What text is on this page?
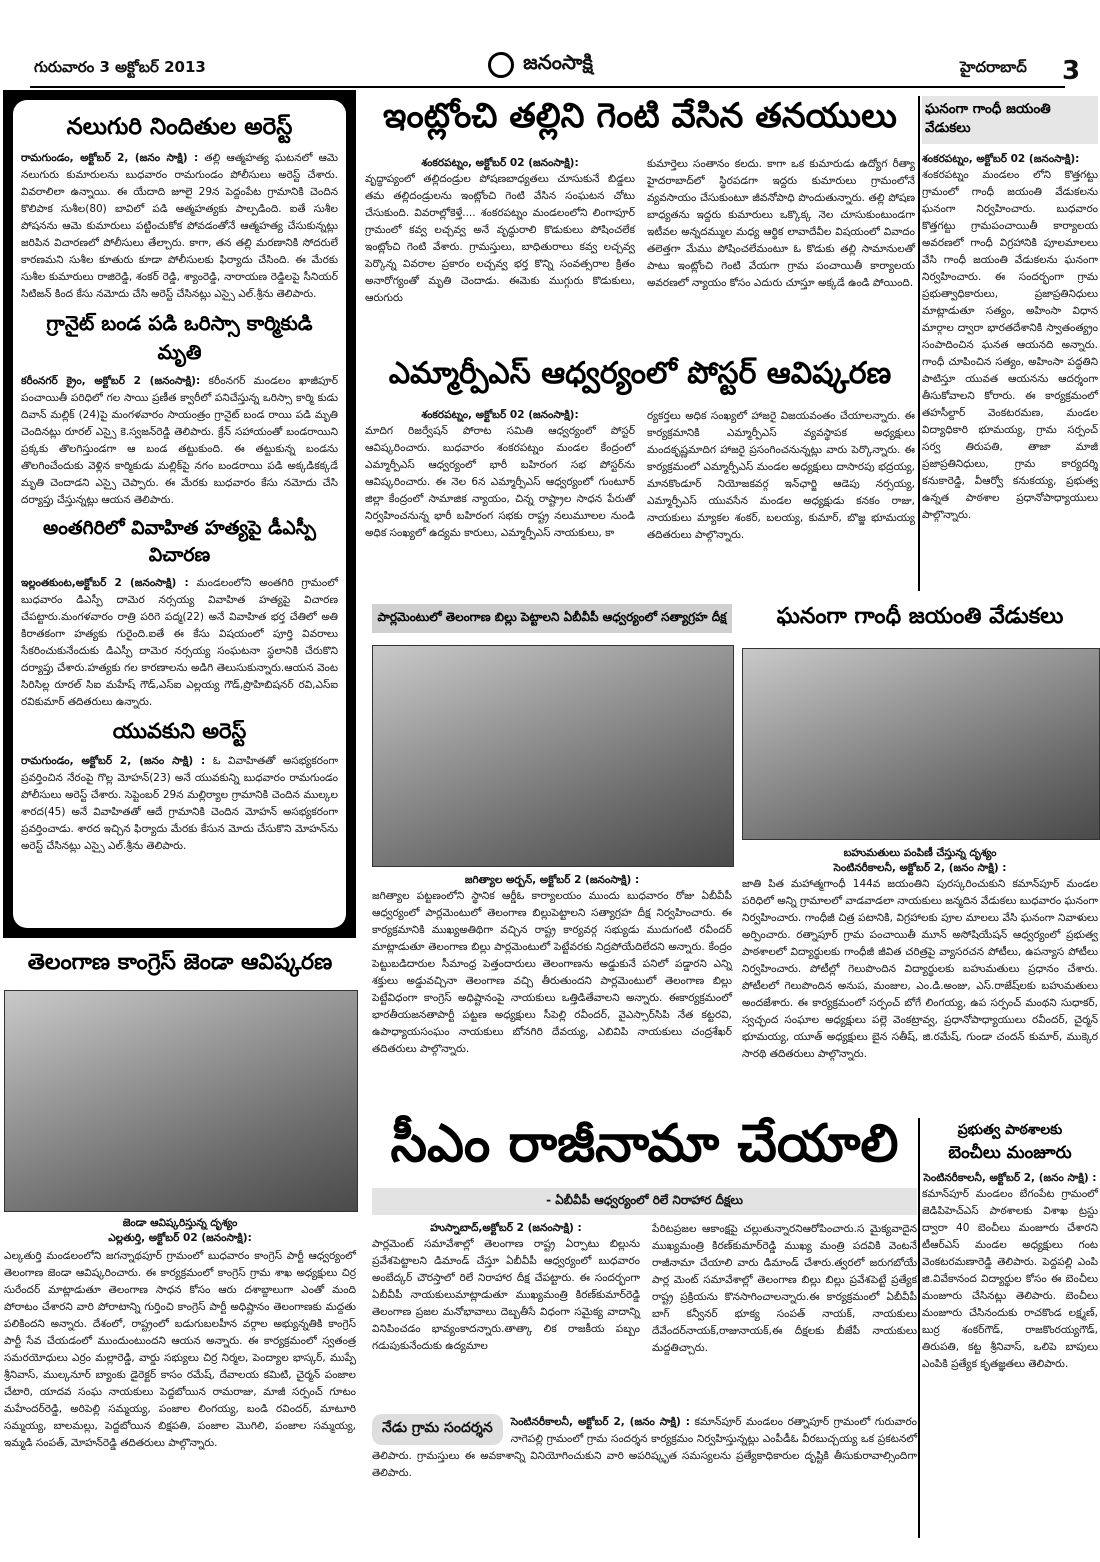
గురువారం 3 అక్టోబర్ 2013	జనంసాక్షి	హైదరాబాద్ 3
నలుగురి నిందితుల అరెస్ట్

రామగుండం, అక్టోబర్ 2, (జనం సాక్షి) : తల్లి ఆత్మహత్య ఘటనలో ఆమె నలుగురు కుమారులను బుధవారం రామగుండం పోలీసులు అరెస్ట్ చేశారు. వివరాలిలా ఉన్నాయి. ఈ యేదాది జూలై 29న పెద్దంపేట గ్రామానికి చెందిన కొలిపాక సుశీల(80) బావిలో పడి ఆత్మహత్యకు పాల్పడింది. ఐతే సుశీల పోషనను ఆమె కుమారులు పట్టించుకోక పోవడంతోనే ఆత్మహత్య చేసుకున్నట్లు జరిపిన విచారణలో పోలీసులు తేల్చారు. కాగా, తన తల్లి మరణానికి సోదరులే కారణమని సుశీల కూతురు కూడా పోలీసులకు ఫిర్యాదు చేసింది. ఈ మేరకు సుశీల కుమారులు రాజిరెడ్డి, శంకర్ రెడ్డి, శ్యాంరెడ్డి, నారాయణ రెడ్డిలపై సీనియర్ సిటిజన్ కింద కేసు నమోదు చేసి అరెస్ట్ చేసినట్లు ఎస్సై ఎల్.శ్రీను తెలిపారు.

గ్రానైట్ బండ పడి ఒరిస్సా కార్మికుడి మృతి

కరీంనగర్ క్రైం, అక్టోబర్ 2 (జనంసాక్షి): కరీంనగర్ మండలం ఖాజీపూర్ పంచాయితీ పరిధిలో గల సాయి ప్రణీత క్వారీలో పనిచేస్తున్న ఒరిస్సా కార్మి కుడు దివాన్ మల్లిక్ (24)పై మంగళవారం సాయంత్రం గ్రానైట్ బండ రాయి పడి మృతి చెందినట్లు రూరల్ ఎస్సై కె.స్వజన్‌రెడ్డి తెలిపారు. క్రేన్ సహాయంతో బండరాయిని ప్రక్కకు తొలగిస్తుండగా ఆ బండ తట్టుకుంది. ఈ తట్టుకున్న బండను తొలగించేందుకు వెళ్లిన కార్మికుడు మల్లిక్‌పై నగం బండరాయి పడి అక్కడికక్కడే మృతి చెందాడని ఎస్సై చెప్పారు. ఈ మేరకు బుధవారం కేసు నమోదు చేసి దర్యాప్తు చేస్తున్నట్లు ఆయన తెలిపారు.

అంతగిరిలో వివాహిత హత్యపై డీఎస్పీ విచారణ

ఇల్లంతకుంట,అక్టోబర్ 2 (జనంసాక్షి) : మండలంలోని అంతగిరి గ్రామంలో బుధవారం డిఎస్పీ దామెర నర్సయ్య వివాహిత హత్యపై విచారణ చేపట్టారు.మంగళవారం రాత్రి పరిగె పద్మ(22) అనే వివాహిత భర్త చేతిలో అతి కిరాతకంగా హత్యకు గురైంది.ఐతే ఈ కేసు విషయంలో పూర్తి వివరాలు సేకరించుకునేందుకు డిఎస్పీ దామెర నర్సయ్య సంఘటనా స్థలానికి చేరుకొని దర్యాప్తు చేశారు.హత్యకు గల కారణాలను అడిగి తెలుసుకున్నారు.ఆయన వెంట సిరిసిల్ల రూరల్ సిఐ మహేష్ గౌడ్,ఎస్ఐ ఎల్లయ్య గౌడ్,ప్రొహిబిషనర్ రవి,ఎస్ఐ రవికుమార్ తదితరులు ఉన్నారు.

యువకుని అరెస్ట్

రామగుండం, అక్టోబర్ 2, (జనం సాక్షి) : ఓ వివాహితతో అసభ్యకరంగా ప్రవర్తించిన నేరంపై గొల్ల మోహన్(23) అనే యువకున్ని బుధవారం రామగుండం పోలీసులు అరెస్ట్ చేశారు. సెప్టెంబర్ 29న మల్లిర్యాల గ్రామానికి చెందిన ముల్కల శారద(45) అనే వివాహితతో ఆదే గ్రామానికి చెందిన మోహన్ అసభ్యకరంగా ప్రవర్తించాడు. శారద ఇచ్చిన ఫిర్యాదు మేరకు కేసున మోదు చేసుకొని మోహన్‌ను అరెస్ట్ చేసినట్లు ఎస్సై ఎల్.శ్రీను తెలిపారు.

తెలంగాణ కాంగ్రెస్ జెండా ఆవిష్కరణ

జెండా ఆవిష్కరిస్తున్న దృశ్యం

ఎల్లతుర్తి, అక్టోబర్ 02 (జనంసాక్షి):

ఎల్కతుర్తి మండలంలోని జగన్నాథపూర్ గ్రామంలో బుధవారం కాంగ్రెస్ పార్టీ ఆధ్వర్యంలో తెలంగాణ జెండా ఆవిష్కరించారు. ఈ కార్యక్రమంలో కాంగ్రెస్ గ్రామ శాఖ అధ్యక్షులు చిర్ర సురేందర్ మాట్లాడుతూ తెలంగాణ సాధన కోసం ఆరు దశాబ్దాలుగా ఎంతో మంది పోరాటం చేశారని వారి పోరాటాన్ని గుర్తించి కాంగ్రెస్ పార్టీ అధిష్టానం తెలంగాణకు మద్దతు పలికిందని అన్నారు. దేశంలో, రాష్ట్రంలో బడుగుబలహీన వర్గాల అభ్యున్నతికి కాంగ్రెస్ పార్టీ సేవ చేయడంలో ముందుంటుందని ఆయన అన్నారు. ఈ కార్యక్రమంలో స్వతంత్ర సమరయోధులు ఎర్రం మల్లారెడ్డి, వార్డు సభ్యులు చిర్ర నిర్మల, పెంద్యాల భాస్కర్, ముప్పే శ్రీనివాస్, ముల్కనూర్ బ్యాంకు డైరెక్టర్ కాసం రమేష్, దేవాలయ కమిటి, చైర్మన్ పంజాల చేటారి, యాదవ సంఘ నాయకులు పెద్దబోయిన రామరాజు, మాజీ సర్పంచ్ గూటం మహేందర్‌రెడ్డి, అరిపెల్లి సమ్మయ్య, పంజాల లింగయ్య, బండి రవిందర్, మాటూరి సమ్మయ్య, బాలమల్లు, పెద్దబోయిన బిక్షపతి, పంజాల మొగిలి, పంజాల సమ్మయ్య, ఇమ్మడి సంపత్, మోహన్‌రెడ్డి తదితరులు పాల్గొన్నారు.

ఇంట్లోంచి తల్లిని గెంటి వేసిన తనయులు

శంకరపట్నం, అక్టోబర్ 02 (జనంసాక్షి):

వృద్ధాప్యంలో తల్లిదండ్రుల పోషణబాధ్యతలు చూసుకునే బిడ్డలు తమ తల్లిదండ్రులను ఇంట్లోంచి గెంటి వేసిన సంఘటన చోటు చేసుకుంది. వివరాల్లోకెళ్తే.... శంకరపట్నం మండలంలోని లింగాపూర్ గ్రామంలో కవ్వ లచ్చవ్వ అనే వృద్ధురాలి కొడుకులు పోషించలేక ఇంట్లోంచి గెంటి వేశారు. గ్రామస్తులు, బాధితురాలు కవ్వ లచ్చవ్వ పెర్కొన్న వివరాల ప్రకారం లచ్చవ్వ భర్త కొన్ని సంవత్సరాల క్రితం అనారోగ్యంతో మృతి చెందాడు. ఈమెకు ముగ్గురు కొడుకులు, ఆరుగురు

కుమార్తెలు సంతానం కలదు. కాగా ఒక కుమారుడు ఉద్యోగ రీత్యా హైదరాబాద్‌లో స్థిరపడగా ఇద్దరు కుమారులు గ్రామంలోనే వ్యవసాయం చేసుకుంటూ జీవనోపాధి పొందుతున్నారు. తల్లి పోషణ బాధ్యతను ఇద్దరు కుమారులు ఒక్కొక్క నెల చూసుకుంటుండగా ఇటీవల అన్నదమ్ముల మధ్య ఆర్థిక లావాదేవీల విషయంలో వివాదం తలెత్తగా మేము పోషించలేమంటూ ఓ కొడుకు తల్లి సామానులతో పాటు ఇంట్లోంచి గెంటి వేయగా గ్రామ పంచాయితీ కార్యాలయ అవరణలో న్యాయం కోసం ఎదురు చూస్తూ అక్కడే ఉండి పోయింది.

ఎమ్మార్పీఎస్ ఆధ్వర్యంలో పోస్టర్ ఆవిష్కరణ

శంకరపట్నం, అక్టోబర్ 02 (జనంసాక్షి):

మాదిగ రిజర్వేషన్ పోరాట సమితి ఆధ్వర్యంలో పోస్టర్ ఆవిష్కరించారు. బుధవారం శంకరపట్నం మండల కేంద్రంలో ఎమ్మార్పీఎస్ ఆధ్వర్యంలో భారీ బహిరంగ సభ పోస్టర్‌ను ఆవిష్కరించారు. ఈ నెల 6న ఎమ్మార్పీఎస్ ఆధ్వర్యంలో గుంటూర్ జిల్లా కేంద్రంలో సామాజిక న్యాయం, చిన్న రాష్ట్రాల సాధన పేరుతో నిర్వహించనున్న భారీ బహిరంగ సభకు రాష్ట్ర నలుమూలల నుండి అధిక సంఖ్యలో ఉద్యమ కారులు, ఎమ్మార్పీఎస్ నాయకులు, కా

ర్యకర్తలు అధిక సంఖ్యలో హాజరై విజయవంతం చేయాలన్నారు. ఈ కార్యక్రమానికి ఎమ్మార్పీఎస్ వ్యవస్థాపక అధ్యక్షులు మందకృష్ణమాదిగ హాజరై ప్రసంగించనున్నట్లు వారు పెర్కొన్నారు. ఈ కార్యక్రమంలో ఎమ్మార్పీఎస్ మండల అధ్యక్షులు దాసారపు భద్రయ్య, మానకొండూర్ నియోజకవర్గ ఇన్‌ఛార్జి ఆడెపు నర్సయ్య, ఎమ్మార్పీఎస్ యువసేన మండల అధ్యక్షుడు కనకం రాజు, నాయకులు మ్యాకల శంకర్, బలయ్య, కుమార్, బొజ్జ భూమయ్య తదితరులు పాల్గొన్నారు.

ఘనంగా గాంధీ జయంతి వేడుకలు

శంకరపట్నం, అక్టోబర్ 02 (జనంసాక్షి):

శంకరపట్నం మండలం లోని కొత్తగట్టు గ్రామంలో గాంధీ జయంతి వేడుకలను ఘనంగా నిర్వహించారు. బుధవారం కొత్తగట్టు గ్రామపంచాయితీ కార్యాలయ అవరణలో గాంధీ విగ్రహానికి పూలమాలలు వేసి గాంధీ జయంతి వేడుకలను ఘనంగా నిర్వహించారు. ఈ సందర్భంగా గ్రామ ప్రభుత్వాధికారులు, ప్రజాప్రతినిధులు మాట్లాడుతూ సత్యం, అహింసా విధాన మార్గాల ద్వారా భారతదేశానికి స్వాతంత్య్రం సంపాదించిన ఘనత ఆయనది అన్నారు. గాంధీ చూపించిన సత్యం, అహింసా పద్ధతిని పాటిస్తూ యువత ఆయనను ఆదర్శంగా తీసుకోవాలని కోరారు. ఈ కార్యక్రమంలో తహసీల్దార్ వెంకటరమణ, మండల విద్యాధికారి భూమయ్య, గ్రామ సర్పంచ్ సర్వ తిరుపతి, తాజా మాజీ ప్రజాప్రతినిధులు, గ్రామ కార్యదర్శి కనుకారెడ్డి, వీఆర్వో కనుకయ్య, ప్రభుత్వ ఉన్నత పాఠశాల ప్రధానోపాధ్యాయులు పాల్గొన్నారు.

పార్లమెంటులో తెలంగాణ బిల్లు పెట్టాలని ఏబీవీపీ ఆధ్వర్యంలో సత్యాగ్రహ దీక్ష

జగిత్యాల అర్బన్, అక్టోబర్ 2 (జనంసాక్షి) :

జగిత్యాల పట్టణంలోని స్థానిక ఆర్డీఓ కార్యాలయం ముందు బుధవారం రోజు ఏబీవీపీ ఆధ్వర్యంలో పార్లమెంటులో తెలంగాణ బిల్లుపెట్టాలని సత్యాగ్రహ దీక్ష నిర్వహించారు. ఈ కార్యక్రమానికి ముఖ్యఅతిథిగా వచ్చిన రాష్ట్ర కార్యవర్గ సభ్యుడు ముదుగంటి రవీందర్ మాట్లాడుతూ తెలంగాణ బిల్లు పార్లమెంటులో పెట్టేవరకు నిద్రపోయేదిలేదని అన్నారు. కేంద్రం పెట్టుబడిదారుల సీమాంధ్ర పెత్తందారులు తెలంగాణను అడ్డుకునే పనిలో పడ్డారని ఎన్ని శక్తులు అడ్డువచ్చినా తెలంగాణ వచ్చి తీరుతుందని పార్లమెంటులో తెలంగాణ బిల్లు పెట్టేవిధంగా కాంగ్రెస్ అధిష్టానంపై నాయకులు ఒత్తిడితేవాలని అన్నారు. ఈకార్యక్రమంలో భారతీయజనతాపార్టీ పట్టణ అధ్యక్షులు సీపెల్లి రవీందర్, వైఎస్సార్‌సిపి నేత కట్టరవి, ఉపాధ్యాయసంఘం నాయకులు బోనగిరి దేవయ్య, ఎబివిపి నాయకులు చంద్రశేఖర్ తదితరులు పాల్గొన్నారు.

ఘనంగా గాంధీ జయంతి వేడుకలు

బహుమతులు పంపిణీ చేస్తున్న దృశ్యం

సెంటినరీకాలనీ, అక్టోబర్ 2, (జనం సాక్షి) :

జాతి పిత మహాత్మగాంధీ 144వ జయంతిని పురస్కరించుకుని కమాన్‌పూర్ మండల పరిధిలో అన్ని గ్రామాలలో వాడవాడలా నాయకులు జన్మదిన వేడుకలు బుధవారం ఘనంగా నిర్వహించారు. గాంధీజీ చిత్ర పటానికి, విగ్రహాలకు పూల మాలలు వేసి ఘనంగా నివాళులు అర్పించారు. రత్నాపూర్ గ్రామ పంచాయితీ మూన్ అసోషియేషన్ ఆధ్వర్యంలో ప్రభుత్వ పాఠశాలలో విద్యార్థులకు గాంధీజీ జీవిత చరిత్రపై వ్యాసరచన పోటీలు, ఉపన్యాస పోటీలు నిర్వహించారు. పోటీల్లో గెలుపొందిన విద్యార్థులకు బహుమతులు ప్రధానం చేశారు. పోటీలలో గెలుపొందిన అనుప, మంజుల, ఎం.డి.అంజు, ఎస్.రాజేష్‌లకు బహుమతులు అందజేశారు. ఈ కార్యక్రమంలో సర్పంచ్ బోగే లింగయ్య, ఉప సర్పంచ్ మంథని సుధాకర్, స్వచ్ఛంద సంఘాల అధ్యక్షులు పల్లె వెంకట్రావ్వ, ప్రధానోపాధ్యాయులు రవీందర్, చైర్మన్ భూమయ్య, యూత్ అధ్యక్షులు బైన సతీష్, జి.రమేష్, గుండా చందన్ కుమార్, ముక్కెర సారథి తదితరులు పాల్గొన్నారు.

సీఎం రాజీనామా చేయాలి
- ఏబీవీపీ ఆధ్వర్యంలో రిలే నిరాహార దీక్షలు

హుస్నాబాద్,అక్టోబర్ 2 (జనంసాక్షి) :

పార్లమెంట్ సమావేశాల్లో తెలంగాణ రాష్ట్ర ఏర్పాటు బిల్లును ప్రవేశపెట్టాలని డిమాండ్ చేస్తూ ఏబీవీపీ ఆధ్వర్యంలో బుధవారం అంబేద్కర్ చౌరస్తాలో రిలే నిరాహార దీక్ష చేపట్టారు. ఈ సందర్భంగా ఏబీవీపీ నాయకులుమాట్లాడుతూ ముఖ్యమంత్రి కిరణ్‌కుమార్‌రెడ్డి తెలంగాణ ప్రజల మనోభావాలు దెబ్బతీసే విధంగా సమైక్య వాదాన్ని వినిపించడం భావ్యంకాదన్నారు.తాత్కా లిక రాజకీయ పబ్బం గడుపుకునేందుకు ఉద్యమాల

పేరిటప్రజల ఆకాంక్షపై చల్లుతున్నారనిఆరోపించారు.స మైక్యవాదైన ముఖ్యమంత్రి కిరణ్‌కుమార్‌రెడ్డి ముఖ్య మంత్రి పదవికి వెంటనే రాజీనామా చేయాలి వారు డిమాండ్ చేశారు.త్వరలో జరుగబోయే పార్ల మెంట్ సమావేశాల్లో తెలంగాణ బిల్లు బిల్లు ప్రవేశపెట్టే ప్రత్యేక రాష్ట్ర ప్రక్రియను కొనసాగించాలన్నారు.ఈ కార్యక్రమంలో ఏబీవీపీ బాగ్ కన్వీనర్ భూక్య సంపత్ నాయక్, నాయకులు దేవేందర్‌నాయక్,రాజునాయక్,ఈ దీక్షలకు బీజేపీ నాయకులు మద్దతిచ్చారు.

ప్రభుత్వ పాఠశాలకు
బెంచీలు మంజూరు

సెంటినరీకాలనీ, అక్టోబర్ 2, (జనం సాక్షి) :

కమాన్‌పూర్ మండలం బేగంపేట గ్రామంలో జెడిపిహెచ్ఎస్ పాఠశాలకు విశాఖ ట్రస్టు ద్వారా 40 బెంచీలు మంజూరు చేశారని టీఆర్ఎస్ మండల అధ్యక్షులు గంట వెంకటరమణారెడ్డి తెలిపారు. పెద్దపల్లి ఎంపి జి.వివేకానంద విద్యార్థుల కోసం ఈ బెంచీలు మంజూరు చేసినట్లు తెలిపారు. బెంచీలు మంజూరు చేసినందుకు రాచకొండ లక్ష్మణ్, బుర్ర శంకర్‌గౌడ్, రాజకొంరయ్యగౌడ్, తిరుపతి, కట్ట శ్రీనివాస్, ఒలిపె బాపులు ఎంపికి ప్రత్యేక కృతజ్ఞతలు తెలిపారు.

నేడు గ్రామ సందర్శన	సెంటినరీకాలనీ, అక్టోబర్ 2, (జనం సాక్షి) : కమాన్‌పూర్ మండలం రత్నాపూర్ గ్రామంలో గురువారం నాగెపల్లి గ్రామంలో గ్రామ సందర్శన కార్యక్రమం నిర్వహిస్తున్నట్లు ఎంపీడీఓ వీరబుచ్చయ్య ఒక ప్రకటనలో తెలిపారు. గ్రామస్తులు ఈ అవకాశాన్ని వినియోగించుకుని వారి అపరిష్కృత సమస్యలను ప్రత్యేకాధికారుల దృష్టికి తీసుకురావాల్సిందిగా తెలిపారు.
